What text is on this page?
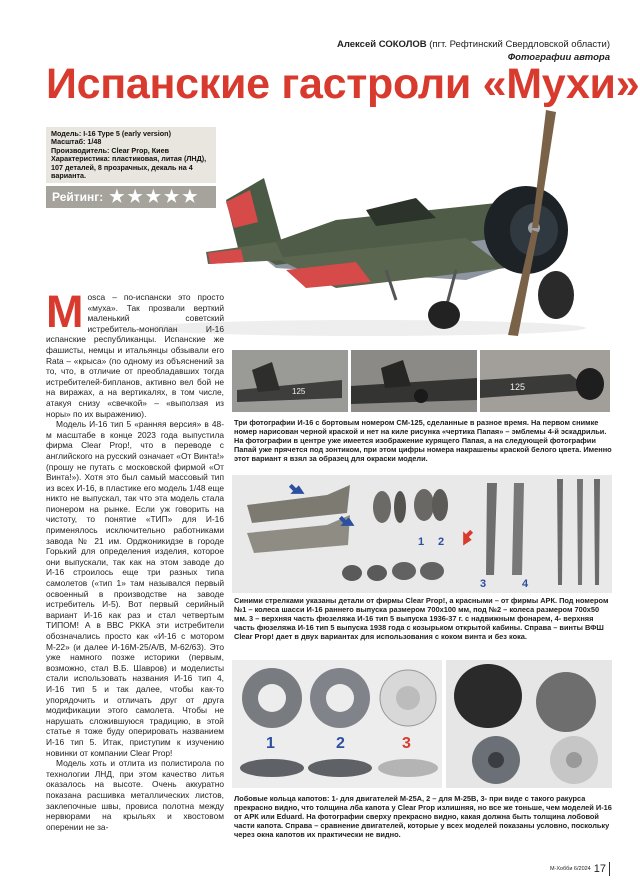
Алексей СОКОЛОВ (пгт. Рефтинский Свердловской области)
Фотографии автора
Испанские гастроли «Мухи»
Модель: I-16 Type 5 (early version)
Масштаб: 1/48
Производитель: Clear Prop, Киев
Характеристика: пластиковая, литая (ЛНД), 107 деталей, 8 прозрачных, декаль на 4 варианта.
Рейтинг: ★★★★★
М osca – по-испански это просто «муха». Так прозвали верткий маленький советский истребитель-моноплан И-16 испанские республиканцы. Испанские же фашисты, немцы и итальянцы обзывали его Rata – «крыса» (по одному из объяснений за то, что, в отличие от преобладавших тогда истребителей-бипланов, активно вел бой не на виражах, а на вертикалях, в том числе, атакуя снизу «свечкой» – «выползая из норы» по их выражению).

Модель И-16 тип 5 «ранняя версия» в 48-м масштабе в конце 2023 года выпустила фирма Clear Prop!, что в переводе с английского на русский означает «От Винта!» (прошу не путать с московской фирмой «От Винта!»). Хотя это был самый массовый тип из всех И-16, в пластике его модель 1/48 еще никто не выпускал, так что эта модель стала пионером на рынке. Если уж говорить на чистоту, то понятие «ТИП» для И-16 применялось исключительно работниками завода № 21 им. Орджоникидзе в городе Горький для определения изделия, которое они выпускали, так как на этом заводе до И-16 строилось еще три разных типа самолетов («тип 1» там назывался первый освоенный в производстве на заводе истребитель И-5). Вот первый серийный вариант И-16 как раз и стал четвертым ТИПОМ! А в ВВС РККА эти истребители обозначались просто как «И-16 с мотором М-22» (и далее И-16М-25/А/В, М-62/63). Это уже намного позже историки (первым, возможно, стал В.Б. Шавров) и моделисты стали использовать названия И-16 тип 4, И-16 тип 5 и так далее, чтобы как-то упорядочить и отличать друг от друга модификации этого самолета. Чтобы не нарушать сложившуюся традицию, в этой статье я тоже буду оперировать названием И-16 тип 5. Итак, приступим к изучению новинки от компании Clear Prop!

Модель хоть и отлита из полистирола по технологии ЛНД, при этом качество литья оказалось на высоте. Очень аккуратно показана расшивка металлических листов, заклепочные швы, провиса полотна между нервюрами на крыльях и хвостовом оперении не за-

125	125
Три фотографии И-16 с бортовым номером CM-125, сделанные в разное время. На первом снимке номер нарисован черной краской и нет на киле рисунка «чертика Папая» – эмблемы 4-й эскадрильи. На фотографии в центре уже имеется изображение курящего Папая, а на следующей фотографии Папай уже прячется под зонтиком, при этом цифры номера накрашены краской белого цвета. Именно этот вариант я взял за образец для окраски модели.
1 2
3	4
Синими стрелками указаны детали от фирмы Clear Prop!, а красными – от фирмы АРК. Под номером №1 – колеса шасси И-16 раннего выпуска размером 700х100 мм, под №2 – колеса размером 700х50 мм. 3 – верхняя часть фюзеляжа И-16 тип 5 выпуска 1936-37 г. с надвижным фонарем, 4- верхняя часть фюзеляжа И-16 тип 5 выпуска 1938 года с козырьком открытой кабины. Справа – винты ВФШ Clear Prop! дает в двух вариантах для использования с коком винта и без кока.
1	2	3
Лобовые кольца капотов: 1- для двигателей М-25А, 2 – для М-25В, 3- при виде с такого ракурса прекрасно видно, что толщина лба капота у Clear Prop излишняя, но все же тоньше, чем моделей И-16 от АРК или Eduard. На фотографии сверху прекрасно видно, какая должна быть толщина лобовой части капота. Справа – сравнение двигателей, которые у всех моделей показаны условно, поскольку через окна капотов их практически не видно.
М-Хобби 6/2024 17
